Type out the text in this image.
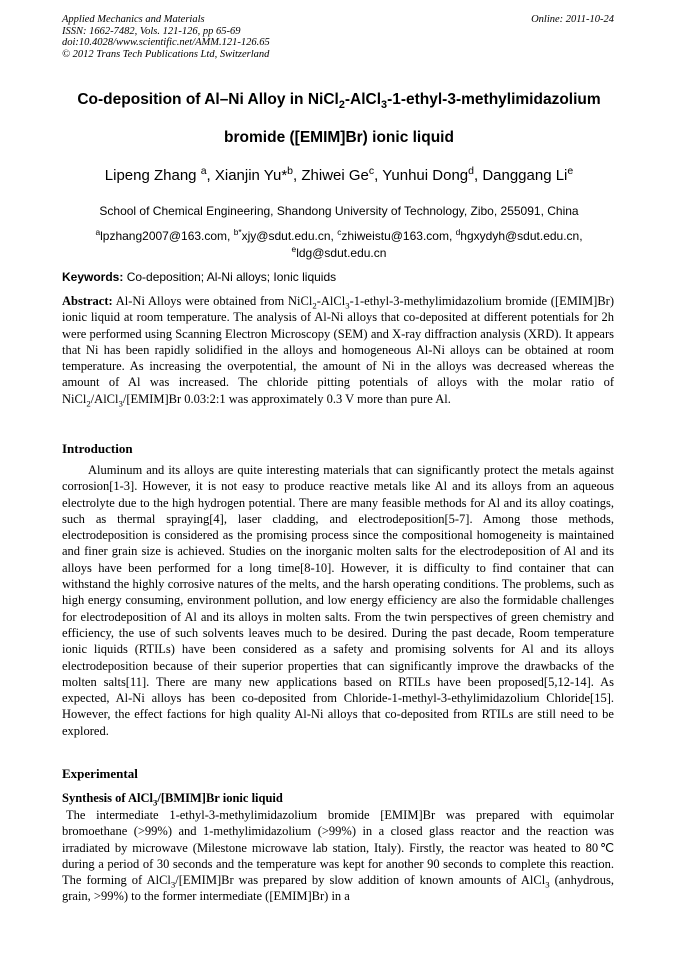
Applied Mechanics and Materials
ISSN: 1662-7482, Vols. 121-126, pp 65-69
doi:10.4028/www.scientific.net/AMM.121-126.65
© 2012 Trans Tech Publications Ltd, Switzerland
Online: 2011-10-24
Co-deposition of Al–Ni Alloy in NiCl$_2$-AlCl$_3$-1-ethyl-3-methylimidazolium
bromide ([EMIM]Br) ionic liquid
Lipeng Zhang $^a$, Xianjin Yu*$^b$, Zhiwei Ge$^c$, Yunhui Dong$^d$, Danggang Li$^e$
School of Chemical Engineering, Shandong University of Technology, Zibo, 255091, China
$^a$lpzhang2007@163.com, $^{b*}$xjy@sdut.edu.cn, $^c$zhiweistu@163.com, $^d$hgxydyh@sdut.edu.cn,
$^e$ldg@sdut.edu.cn
Keywords: Co-deposition; Al-Ni alloys; Ionic liquids
Abstract: Al-Ni Alloys were obtained from NiCl$_2$-AlCl$_3$-1-ethyl-3-methylimidazolium bromide ([EMIM]Br) ionic liquid at room temperature. The analysis of Al-Ni alloys that co-deposited at different potentials for 2h were performed using Scanning Electron Microscopy (SEM) and X-ray diffraction analysis (XRD). It appears that Ni has been rapidly solidified in the alloys and homogeneous Al-Ni alloys can be obtained at room temperature. As increasing the overpotential, the amount of Ni in the alloys was decreased whereas the amount of Al was increased. The chloride pitting potentials of alloys with the molar ratio of NiCl$_2$/AlCl$_3$/[EMIM]Br 0.03:2:1 was approximately 0.3 V more than pure Al.
Introduction
Aluminum and its alloys are quite interesting materials that can significantly protect the metals against corrosion[1-3]. However, it is not easy to produce reactive metals like Al and its alloys from an aqueous electrolyte due to the high hydrogen potential. There are many feasible methods for Al and its alloy coatings, such as thermal spraying[4], laser cladding, and electrodeposition[5-7]. Among those methods, electrodeposition is considered as the promising process since the compositional homogeneity is maintained and finer grain size is achieved. Studies on the inorganic molten salts for the electrodeposition of Al and its alloys have been performed for a long time[8-10]. However, it is difficulty to find container that can withstand the highly corrosive natures of the melts, and the harsh operating conditions. The problems, such as high energy consuming, environment pollution, and low energy efficiency are also the formidable challenges for electrodeposition of Al and its alloys in molten salts. From the twin perspectives of green chemistry and efficiency, the use of such solvents leaves much to be desired. During the past decade, Room temperature ionic liquids (RTILs) have been considered as a safety and promising solvents for Al and its alloys electrodeposition because of their superior properties that can significantly improve the drawbacks of the molten salts[11]. There are many new applications based on RTILs have been proposed[5,12-14]. As expected, Al-Ni alloys has been co-deposited from Chloride-1-methyl-3-ethylimidazolium Chloride[15]. However, the effect factions for high quality Al-Ni alloys that co-deposited from RTILs are still need to be explored.
Experimental
Synthesis of AlCl$_3$/[BMIM]Br ionic liquid
The intermediate 1-ethyl-3-methylimidazolium bromide [EMIM]Br was prepared with equimolar bromoethane (>99%) and 1-methylimidazolium (>99%) in a closed glass reactor and the reaction was irradiated by microwave (Milestone microwave lab station, Italy). Firstly, the reactor was heated to 80℃ during a period of 30 seconds and the temperature was kept for another 90 seconds to complete this reaction. The forming of AlCl$_3$/[EMIM]Br was prepared by slow addition of known amounts of AlCl$_3$ (anhydrous, grain, >99%) to the former intermediate ([EMIM]Br) in a
